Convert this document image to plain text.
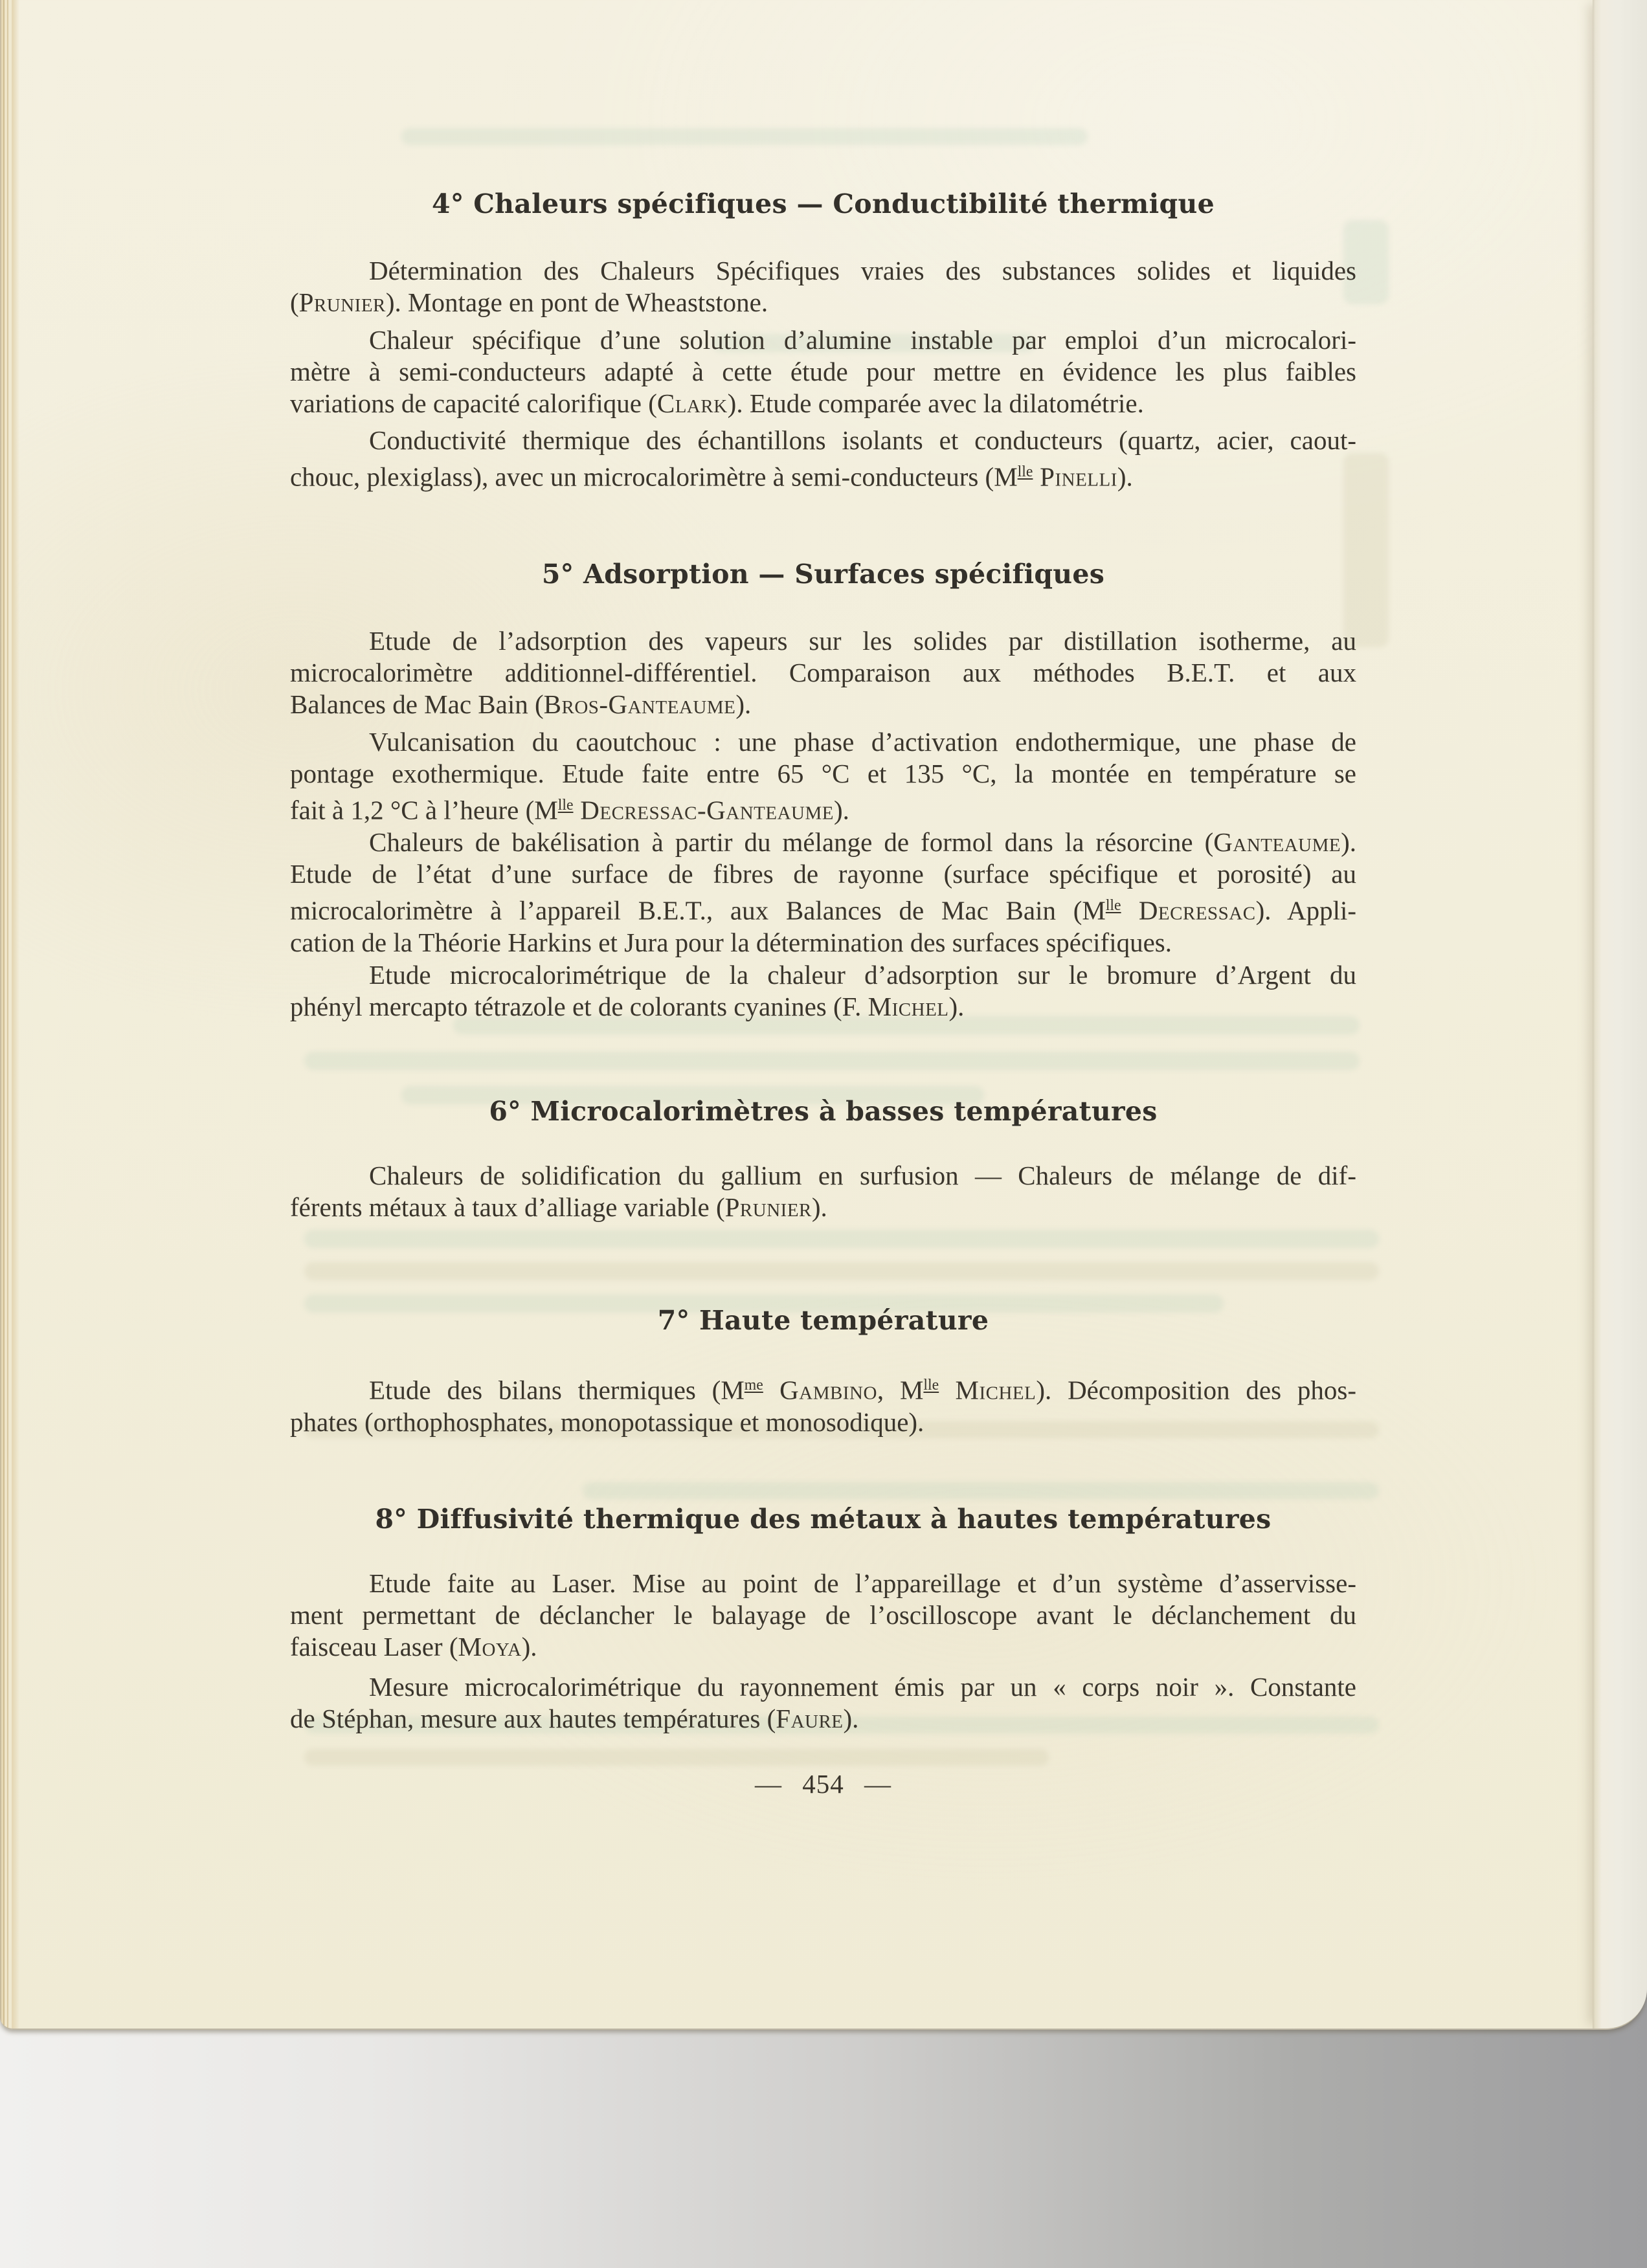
4° Chaleurs spécifiques — Conductibilité thermique
Détermination des Chaleurs Spécifiques vraies des substances solides et liquides
(Prunier). Montage en pont de Wheaststone.
Chaleur spécifique d’une solution d’alumine instable par emploi d’un microcalori-
mètre à semi-conducteurs adapté à cette étude pour mettre en évidence les plus faibles
variations de capacité calorifique (Clark). Etude comparée avec la dilatométrie.
Conductivité thermique des échantillons isolants et conducteurs (quartz, acier, caout-
chouc, plexiglass), avec un microcalorimètre à semi-conducteurs ($M^{lle}$ Pinelli).
5° Adsorption — Surfaces spécifiques
Etude de l’adsorption des vapeurs sur les solides par distillation isotherme, au
microcalorimètre additionnel-différentiel. Comparaison aux méthodes B.E.T. et aux
Balances de Mac Bain (Bros-Ganteaume).
Vulcanisation du caoutchouc : une phase d’activation endothermique, une phase de
pontage exothermique. Etude faite entre 65 °C et 135 °C, la montée en température se
fait à 1,2 °C à l’heure ($M^{lle}$ Decressac-Ganteaume).
Chaleurs de bakélisation à partir du mélange de formol dans la résorcine (Ganteaume).
Etude de l’état d’une surface de fibres de rayonne (surface spécifique et porosité) au
microcalorimètre à l’appareil B.E.T., aux Balances de Mac Bain ($M^{lle}$ Decressac). Appli-
cation de la Théorie Harkins et Jura pour la détermination des surfaces spécifiques.
Etude microcalorimétrique de la chaleur d’adsorption sur le bromure d’Argent du
phényl mercapto tétrazole et de colorants cyanines (F. Michel).
6° Microcalorimètres à basses températures
Chaleurs de solidification du gallium en surfusion — Chaleurs de mélange de dif-
férents métaux à taux d’alliage variable (Prunier).
7° Haute température
Etude des bilans thermiques ($M^{me}$ Gambino, $M^{lle}$ Michel). Décomposition des phos-
phates (orthophosphates, monopotassique et monosodique).
8° Diffusivité thermique des métaux à hautes températures
Etude faite au Laser. Mise au point de l’appareillage et d’un système d’asservisse-
ment permettant de déclancher le balayage de l’oscilloscope avant le déclanchement du
faisceau Laser (Moya).
Mesure microcalorimétrique du rayonnement émis par un « corps noir ». Constante
de Stéphan, mesure aux hautes températures (Faure).
— 454 —
